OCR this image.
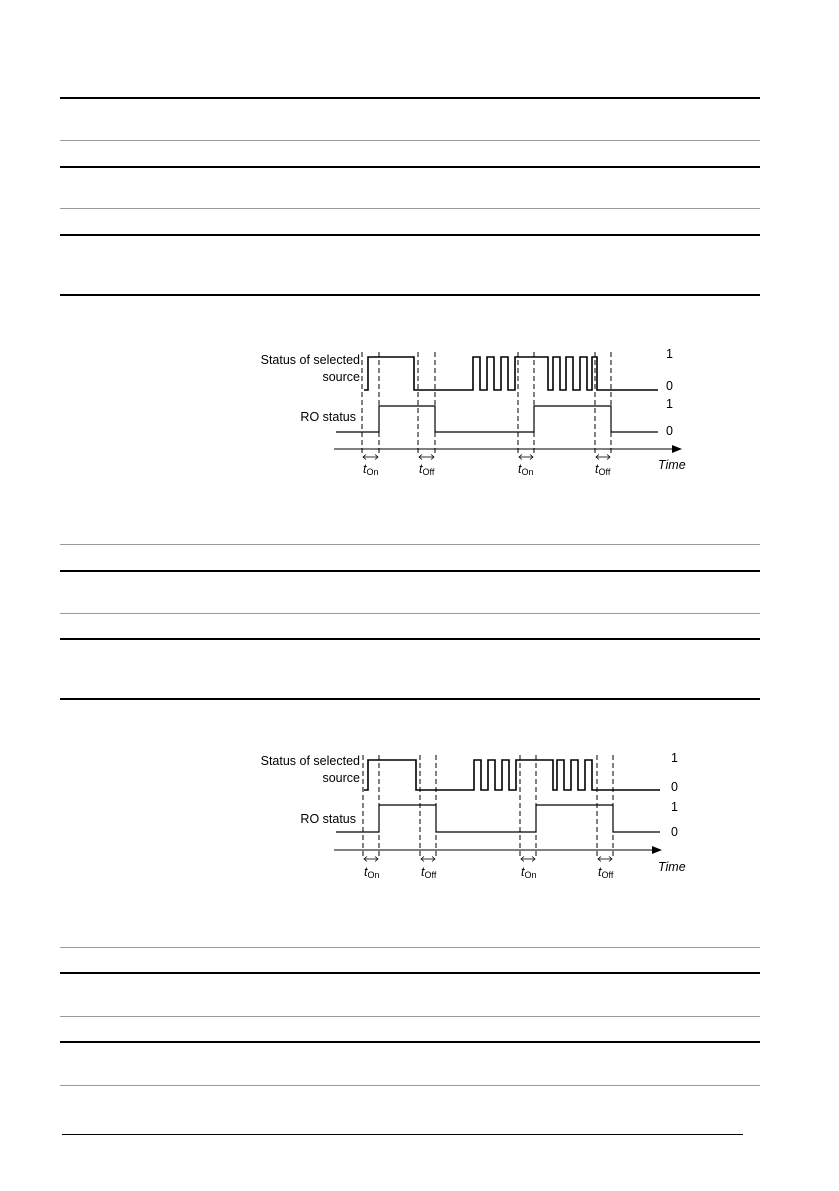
Status of selected
source
RO status
1
0
1
0
Time
tOn	tOff	tOn	tOff
Status of selected
source
RO status
1
0
1
0
Time
tOn	tOff	tOn	tOff
